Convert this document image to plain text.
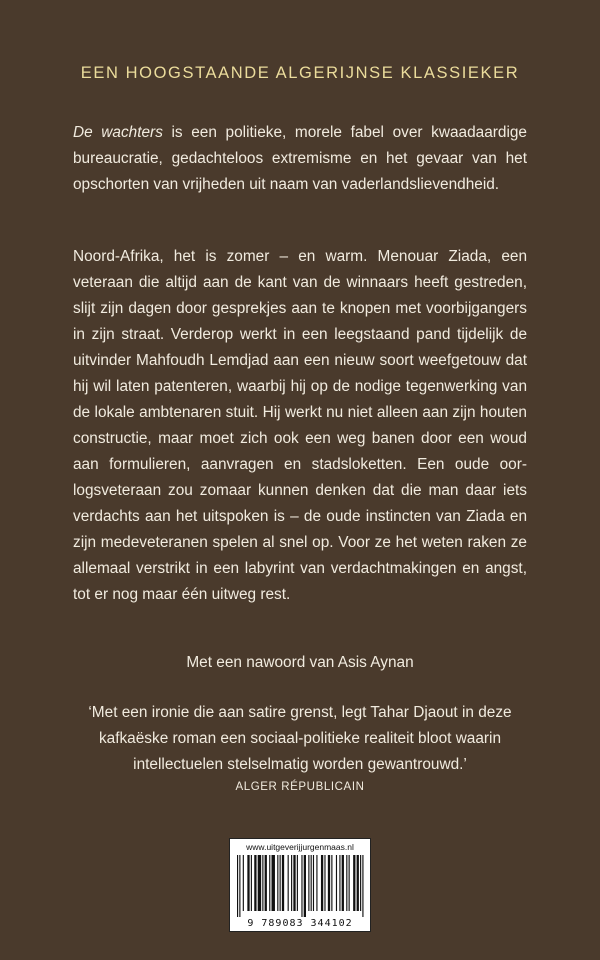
EEN HOOGSTAANDE ALGERIJNSE KLASSIEKER

De wachters is een politieke, morele fabel over kwaadaardige bureaucratie, gedachteloos extremisme en het gevaar van het opschorten van vrijheden uit naam van vaderlandslievendheid.

Noord-Afrika, het is zomer – en warm. Menouar Ziada, een veteraan die altijd aan de kant van de winnaars heeft gestreden, slijt zijn dagen door gesprekjes aan te knopen met voorbijgangers in zijn straat. Verderop werkt in een leegstaand pand tijdelijk de uitvinder Mahfoudh Lemdjad aan een nieuw soort weefgetouw dat hij wil laten patenteren, waarbij hij op de nodige tegenwerking van de lokale ambtenaren stuit. Hij werkt nu niet alleen aan zijn houten constructie, maar moet zich ook een weg banen door een woud aan formulieren, aanvragen en stadsloketten. Een oude oorlogsveteraan zou zomaar kunnen denken dat die man daar iets verdachts aan het uitspoken is – de oude instincten van Ziada en zijn medeveteranen spelen al snel op. Voor ze het weten raken ze allemaal verstrikt in een labyrint van verdachtmakingen en angst, tot er nog maar één uitweg rest.

Met een nawoord van Asis Aynan
‘Met een ironie die aan satire grenst, legt Tahar Djaout in deze kafkaëske roman een sociaal-politieke realiteit bloot waarin intellectuelen stelselmatig worden gewantrouwd.’
ALGER RÉPUBLICAIN
www.uitgeverijjurgenmaas.nl
9 789083 344102
